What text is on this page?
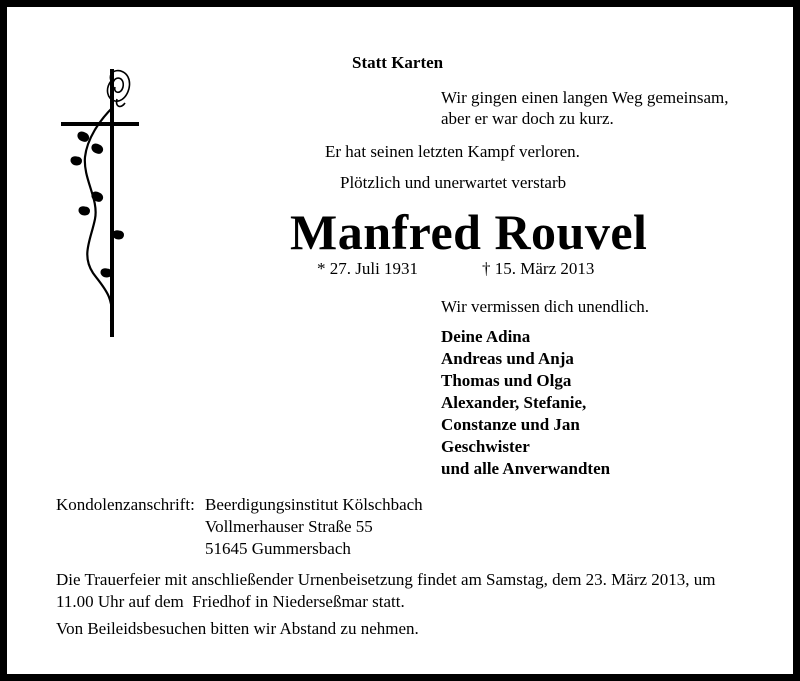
Statt Karten
Wir gingen einen langen Weg gemeinsam,
aber er war doch zu kurz.
Er hat seinen letzten Kampf verloren.
Plötzlich und unerwartet verstarb
Manfred Rouvel
* 27. Juli 1931	† 15. März 2013
Wir vermissen dich unendlich.
Deine Adina
Andreas und Anja
Thomas und Olga
Alexander, Stefanie,
Constanze und Jan
Geschwister
und alle Anverwandten
Kondolenzanschrift: Beerdigungsinstitut Kölschbach
Vollmerhauser Straße 55
51645 Gummersbach
Die Trauerfeier mit anschließender Urnenbeisetzung findet am Samstag, dem 23. März 2013, um
11.00 Uhr auf dem  Friedhof in Niederseßmar statt.
Von Beileidsbesuchen bitten wir Abstand zu nehmen.
